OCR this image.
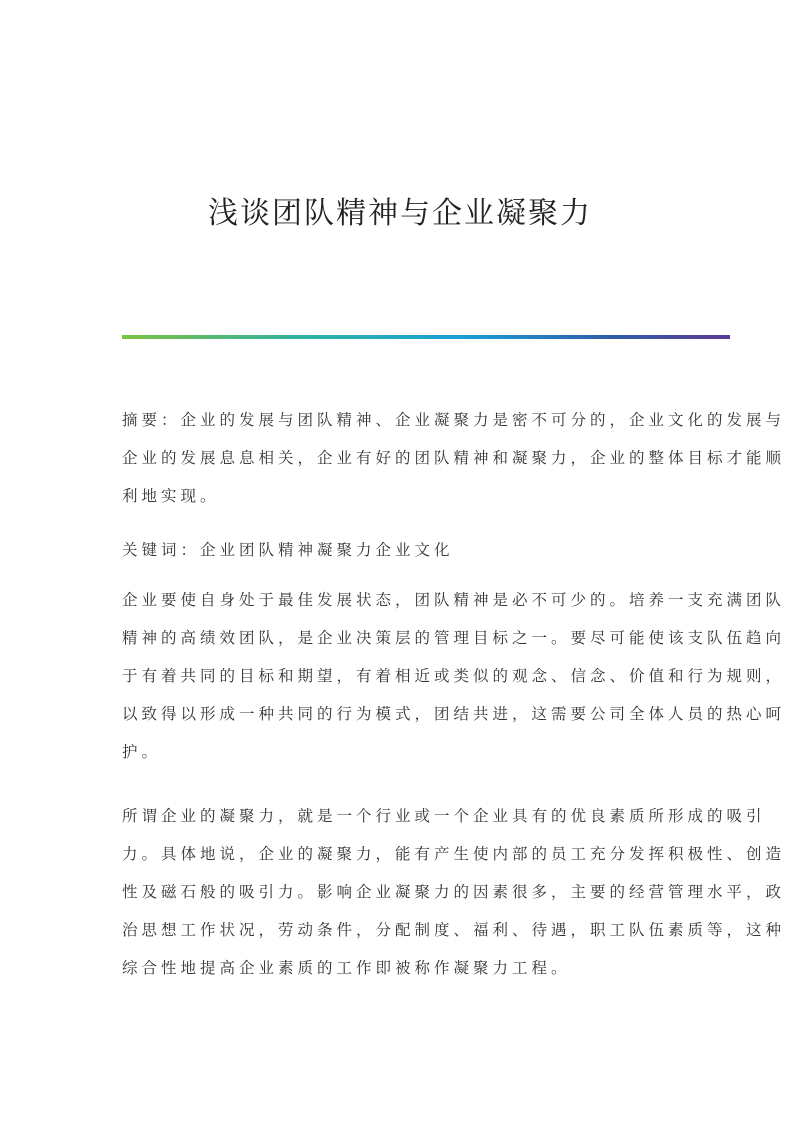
浅谈团队精神与企业凝聚力
摘要：企业的发展与团队精神、企业凝聚力是密不可分的，企业文化的发展与
企业的发展息息相关，企业有好的团队精神和凝聚力，企业的整体目标才能顺
利地实现。
关键词：企业团队精神凝聚力企业文化
企业要使自身处于最佳发展状态，团队精神是必不可少的。培养一支充满团队
精神的高绩效团队，是企业决策层的管理目标之一。要尽可能使该支队伍趋向
于有着共同的目标和期望，有着相近或类似的观念、信念、价值和行为规则，
以致得以形成一种共同的行为模式，团结共进，这需要公司全体人员的热心呵
护。
所谓企业的凝聚力，就是一个行业或一个企业具有的优良素质所形成的吸引
力。具体地说，企业的凝聚力，能有产生使内部的员工充分发挥积极性、创造
性及磁石般的吸引力。影响企业凝聚力的因素很多，主要的经营管理水平，政
治思想工作状况，劳动条件，分配制度、福利、待遇，职工队伍素质等，这种
综合性地提高企业素质的工作即被称作凝聚力工程。
